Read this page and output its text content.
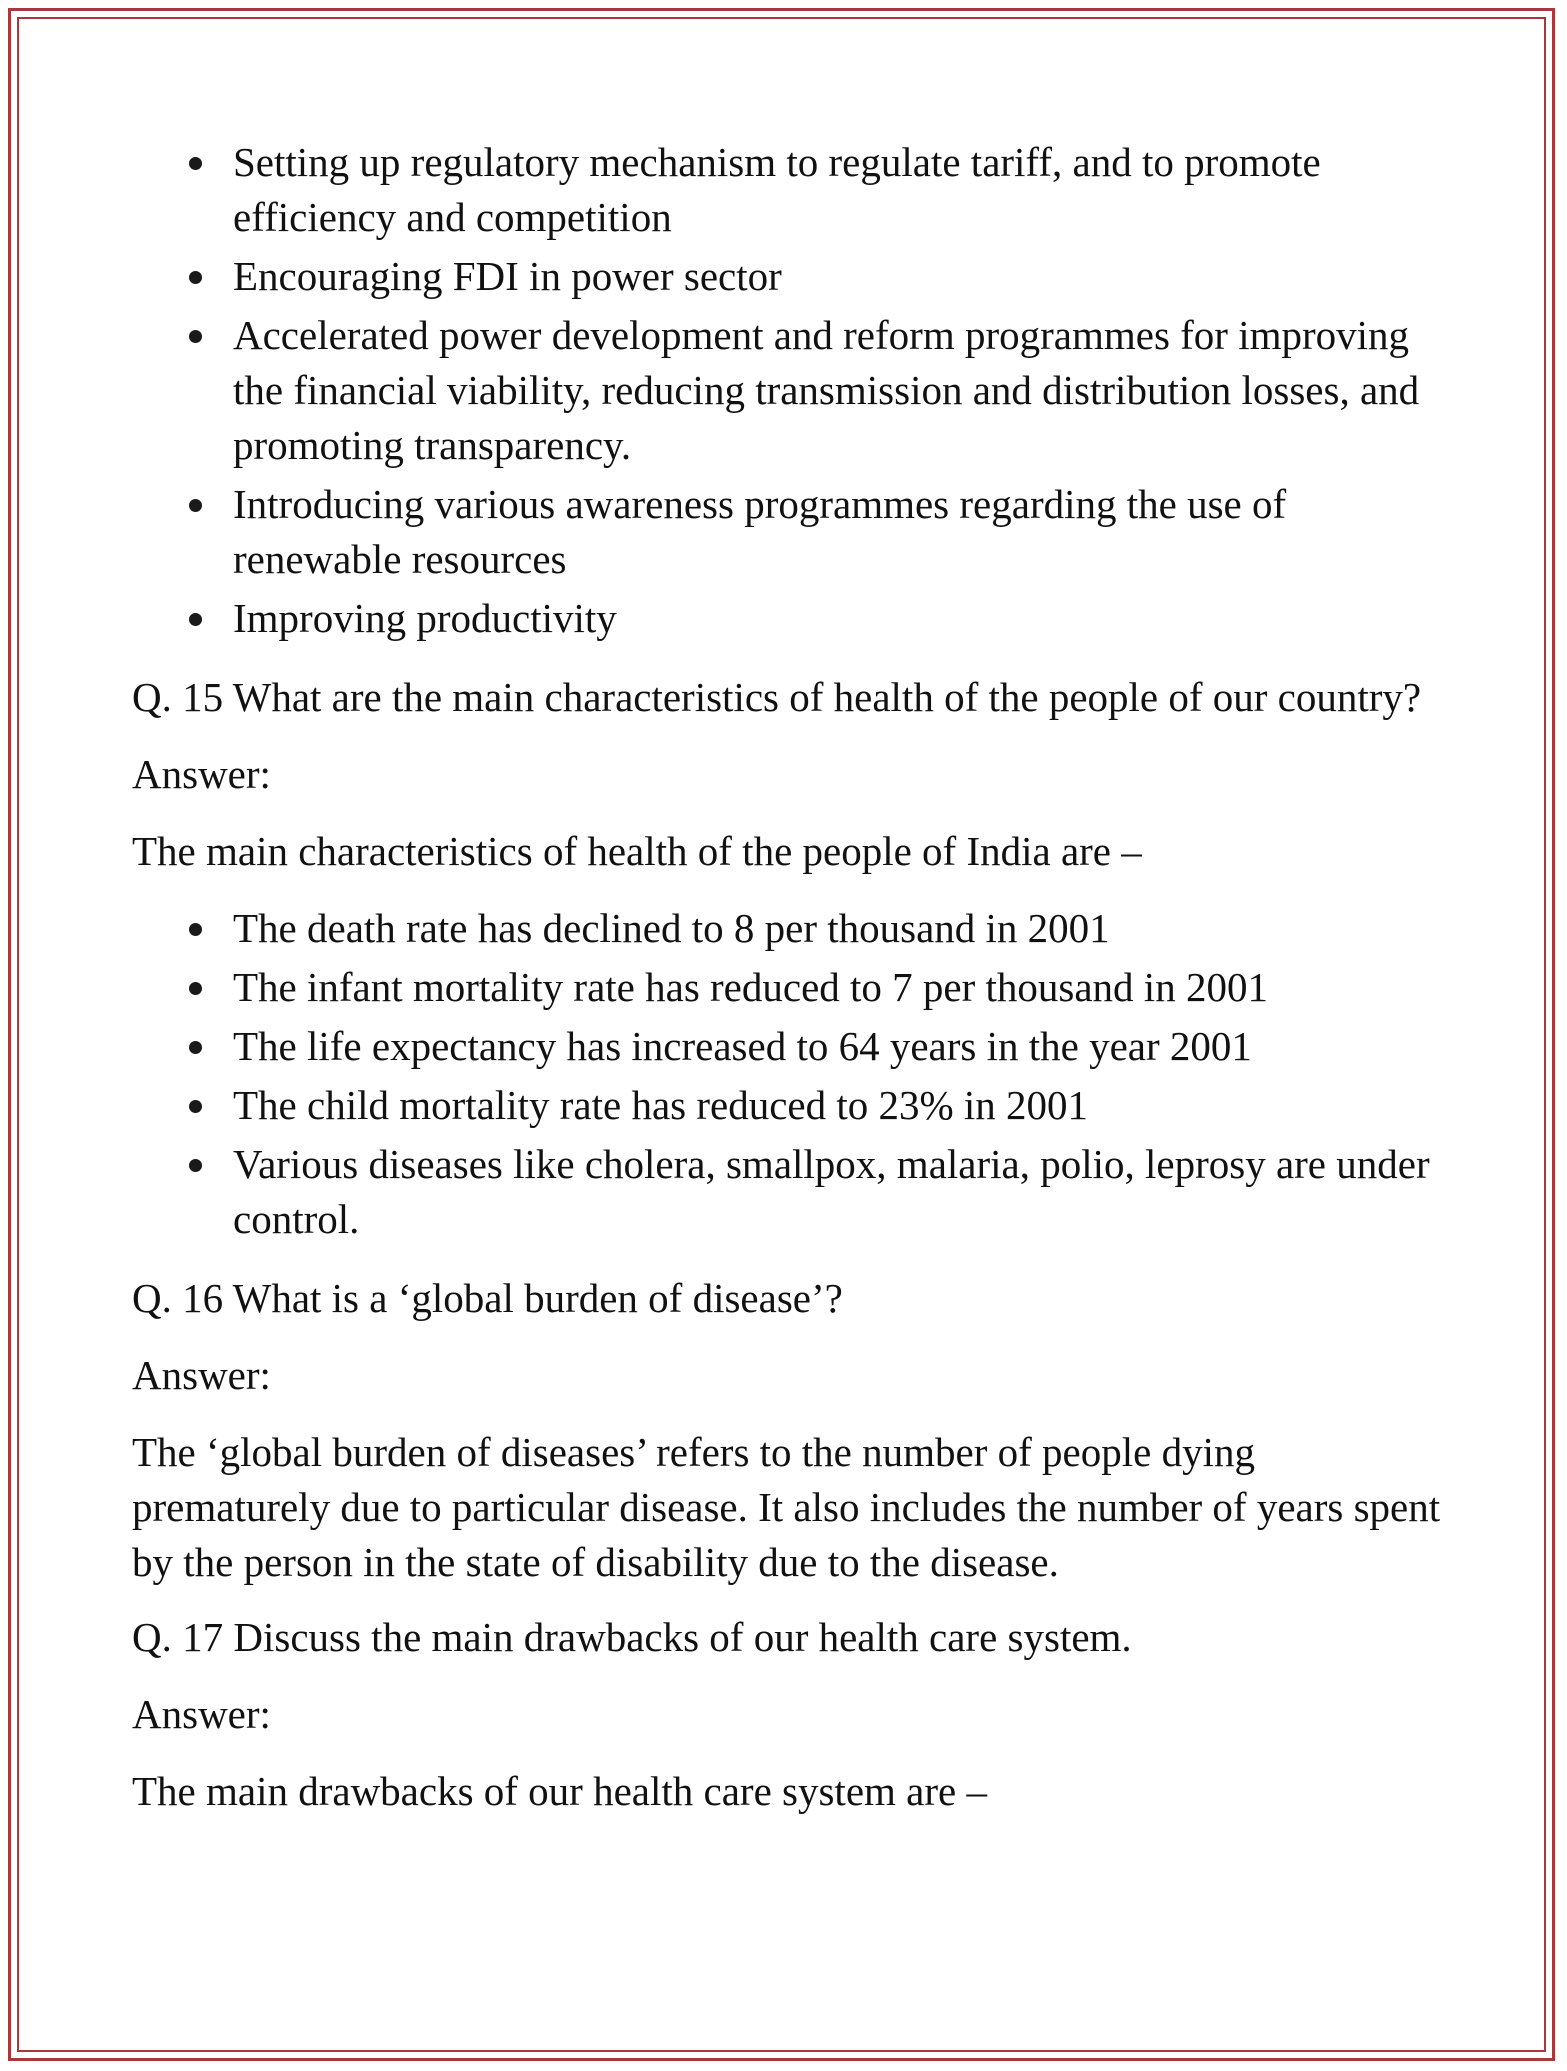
Setting up regulatory mechanism to regulate tariff, and to promote efficiency and competition
Encouraging FDI in power sector
Accelerated power development and reform programmes for improving the financial viability, reducing transmission and distribution losses, and promoting transparency.
Introducing various awareness programmes regarding the use of renewable resources
Improving productivity

Q. 15 What are the main characteristics of health of the people of our country?

Answer:

The main characteristics of health of the people of India are –

The death rate has declined to 8 per thousand in 2001
The infant mortality rate has reduced to 7 per thousand in 2001
The life expectancy has increased to 64 years in the year 2001
The child mortality rate has reduced to 23% in 2001
Various diseases like cholera, smallpox, malaria, polio, leprosy are under control.

Q. 16 What is a ‘global burden of disease’?

Answer:

The ‘global burden of diseases’ refers to the number of people dying prematurely due to particular disease. It also includes the number of years spent by the person in the state of disability due to the disease.

Q. 17 Discuss the main drawbacks of our health care system.

Answer:

The main drawbacks of our health care system are –
